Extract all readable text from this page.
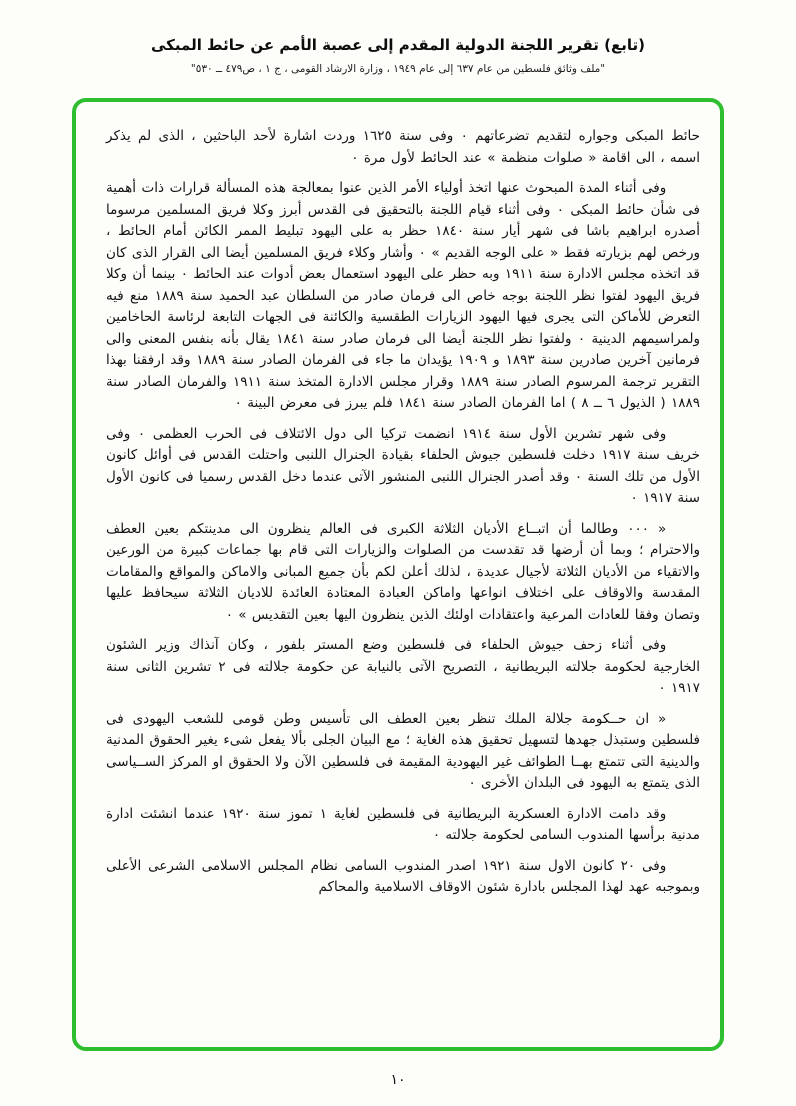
(تابع) تقرير اللجنة الدولية المقدم إلى عصبة الأمم عن حائط المبكى
"ملف وثائق فلسطين من عام ٦٣٧ إلى عام ١٩٤٩ ، وزارة الارشاد القومى ، ج ١ ، ص٤٧٩ ــ ٥٣٠"

حائط المبكى وجواره لتقديم تضرعاتهم ٠ وفى سنة ١٦٢٥ وردت اشارة لأحد الباحثين ، الذى لم يذكر اسمه ، الى اقامة « صلوات منظمة » عند الحائط لأول مرة ٠

وفى أثناء المدة المبحوث عنها اتخذ أولياء الأمر الذين عنوا بمعالجة هذه المسألة قرارات ذات أهمية فى شأن حائط المبكى ٠ وفى أثناء قيام اللجنة بالتحقيق فى القدس أبرز وكلا فريق المسلمين مرسوما أصدره ابراهيم باشا فى شهر أيار سنة ١٨٤٠ حظر به على اليهود تبليط الممر الكائن أمام الحائط ، ورخص لهم بزيارته فقط « على الوجه القديم » ٠ وأشار وكلاء فريق المسلمين أيضا الى القرار الذى كان قد اتخذه مجلس الادارة سنة ١٩١١ وبه حظر على اليهود استعمال بعض أدوات عند الحائط ٠ بينما أن وكلا فريق اليهود لفتوا نظر اللجنة بوجه خاص الى فرمان صادر من السلطان عبد الحميد سنة ١٨٨٩ منع فيه التعرض للأماكن التى يجرى فيها اليهود الزيارات الطقسية والكائنة فى الجهات التابعة لرئاسة الحاخامين ولمراسيمهم الدينية ٠ ولفتوا نظر اللجنة أيضا الى فرمان صادر سنة ١٨٤١ يقال بأنه بنفس المعنى والى فرمانين آخرين صادرين سنة ١٨٩٣ و ١٩٠٩ يؤيدان ما جاء فى الفرمان الصادر سنة ١٨٨٩ وقد ارفقنا بهذا التقرير ترجمة المرسوم الصادر سنة ١٨٨٩ وقرار مجلس الادارة المتخذ سنة ١٩١١ والفرمان الصادر سنة ١٨٨٩ ( الذيول ٦ ــ ٨ ) اما الفرمان الصادر سنة ١٨٤١ فلم يبرز فى معرض البينة ٠

وفى شهر تشرين الأول سنة ١٩١٤ انضمت تركيا الى دول الائتلاف فى الحرب العظمى ٠ وفى خريف سنة ١٩١٧ دخلت فلسطين جيوش الحلفاء بقيادة الجنرال اللنبى واحتلت القدس فى أوائل كانون الأول من تلك السنة ٠ وقد أصدر الجنرال اللنبى المنشور الآتى عندما دخل القدس رسميا فى كانون الأول سنة ١٩١٧ ٠

« ٠٠٠ وطالما أن اتبــاع الأديان الثلاثة الكبرى فى العالم ينظرون الى مدينتكم بعين العطف والاحترام ؛ وبما أن أرضها قد تقدست من الصلوات والزيارات التى قام بها جماعات كبيرة من الورعين والاتقياء من الأديان الثلاثة لأجيال عديدة ، لذلك أعلن لكم بأن جميع المبانى والاماكن والمواقع والمقامات المقدسة والاوقاف على اختلاف انواعها واماكن العبادة المعتادة العائدة للاديان الثلاثة سيحافظ عليها وتصان وفقا للعادات المرعية واعتقادات اولئك الذين ينظرون اليها بعين التقديس » ٠

وفى أثناء زحف جيوش الحلفاء فى فلسطين وضع المستر بلفور ، وكان آنذاك وزير الشئون الخارجية لحكومة جلالته البريطانية ، التصريح الآتى بالنيابة عن حكومة جلالته فى ٢ تشرين الثانى سنة ١٩١٧ ٠

« ان حــكومة جلالة الملك تنظر بعين العطف الى تأسيس وطن قومى للشعب اليهودى فى فلسطين وستبذل جهدها لتسهيل تحقيق هذه الغاية ؛ مع البيان الجلى بألا يفعل شىء يغير الحقوق المدنية والدينية التى تتمتع بهــا الطوائف غير اليهودية المقيمة فى فلسطين الآن ولا الحقوق او المركز الســياسى الذى يتمتع به اليهود فى البلدان الأخرى ٠

وقد دامت الادارة العسكرية البريطانية فى فلسطين لغاية ١ تموز سنة ١٩٢٠ عندما انشئت ادارة مدنية برأسها المندوب السامى لحكومة جلالته ٠

وفى ٢٠ كانون الاول سنة ١٩٢١ اصدر المندوب السامى نظام المجلس الاسلامى الشرعى الأعلى وبموجبه عهد لهذا المجلس بادارة شئون الاوقاف الاسلامية والمحاكم

١٠
